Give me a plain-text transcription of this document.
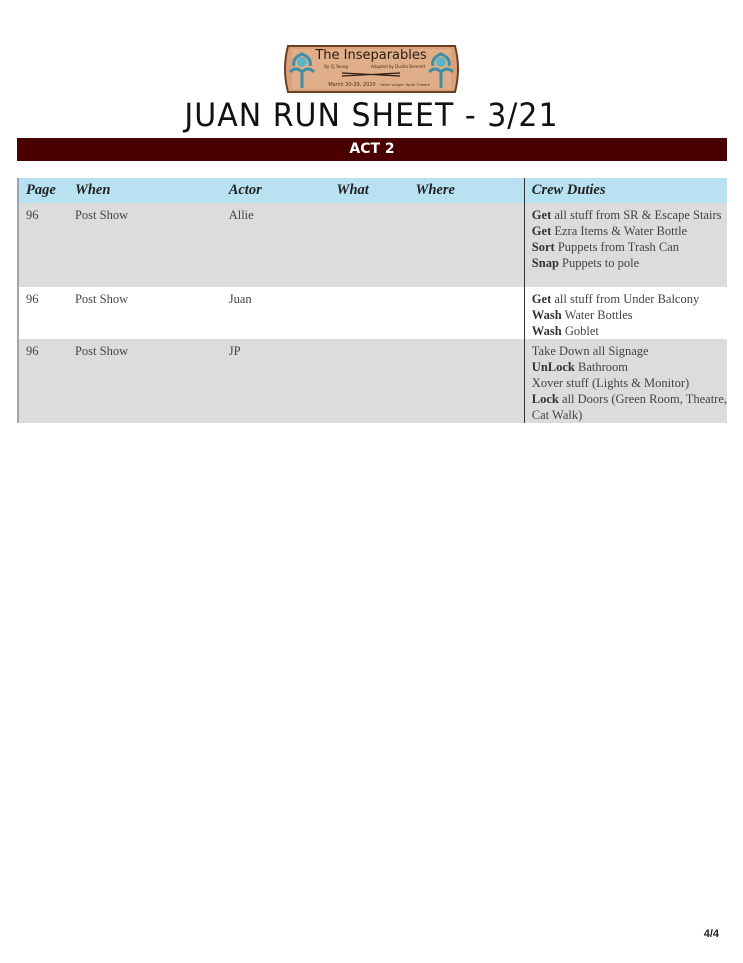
The Inseparables
By CJ Young	Adapted by Dustin Bennett
March 20-29, 2020 Helen Vaughn Youth Theatre
JUAN RUN SHEET - 3/21
ACT 2
Page	When	Actor	What	Where	Crew Duties
96	Post Show	Allie			Get all stuff from SR & Escape Stairs
Get Ezra Items & Water Bottle
Sort Puppets from Trash Can
Snap Puppets to pole

96	Post Show	Juan			Get all stuff from Under Balcony
Wash Water Bottles
Wash Goblet

96	Post Show	JP			Take Down all Signage
UnLock Bathroom
Xover stuff (Lights & Monitor)
Lock all Doors (Green Room, Theatre, Cat Walk)
4/4
